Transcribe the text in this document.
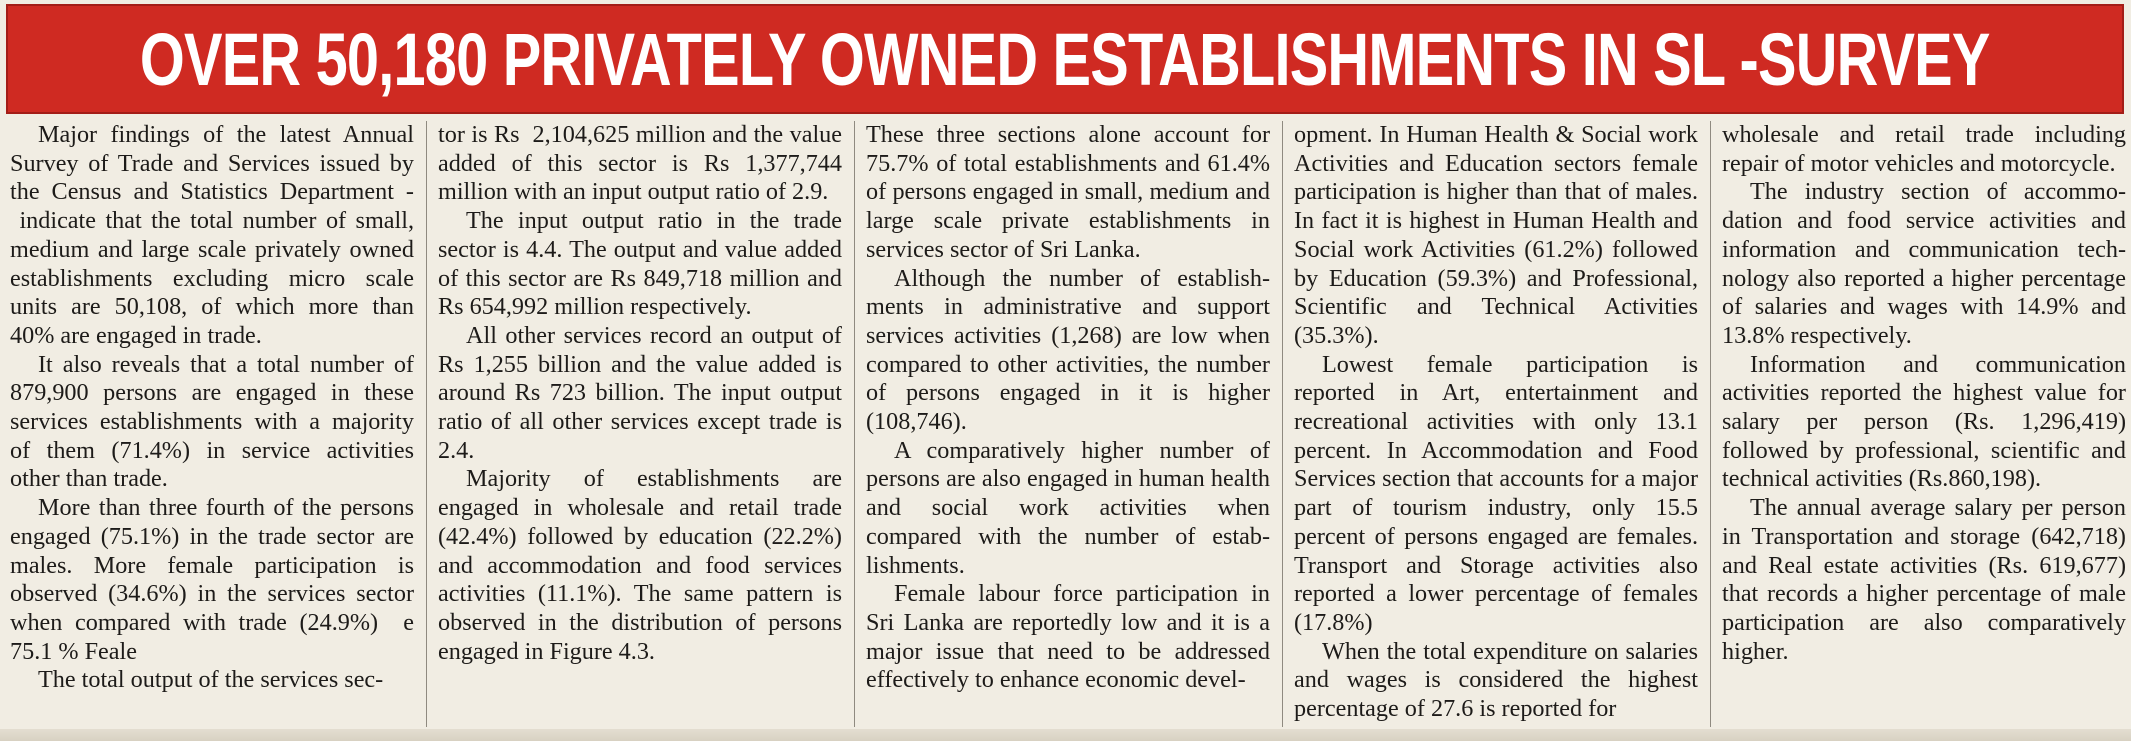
OVER 50,180 PRIVATELY OWNED ESTABLISHMENTS IN SL -SURVEY

Major findings of the latest Annual Survey of Trade and Services issued by the Census and Statistics Department -  indicate that the total number of small, medium and large scale privately owned establishments excluding micro scale units are 50,108, of which more than 40% are engaged in trade.

It also reveals that a total number of 879,900 persons are engaged in these services establishments with a majority of them (71.4%) in service activities other than trade.

More than three fourth of the persons engaged (75.1%) in the trade sector are males. More female participation is observed (34.6%) in the services sector when compared with trade (24.9%)  e 75.1 % Feale

The total output of the services sec-

tor is Rs  2,104,625 million and the value added of this sector is Rs 1,377,744 million with an input output ratio of 2.9.

The input output ratio in the trade sector is 4.4. The output and value added of this sector are Rs 849,718 million and Rs 654,992 million respectively.

All other services record an output of Rs 1,255 billion and the value added is around Rs 723 billion. The input output ratio of all other services except trade is 2.4.

Majority of establishments are engaged in wholesale and retail trade (42.4%) followed by education (22.2%) and accommodation and food services activities (11.1%). The same pattern is observed in the distribution of persons engaged in Figure 4.3.

These three sections alone account for 75.7% of total establishments and 61.4% of persons engaged in small, medium and large scale private establishments in services sector of Sri Lanka.

Although the number of establishments in administrative and support services activities (1,268) are low when compared to other activities, the number of persons engaged in it is higher (108,746).

A comparatively higher number of persons are also engaged in human health and social work activities when compared with the number of establishments.

Female labour force participation in Sri Lanka are reportedly low and it is a major issue that need to be addressed effectively to enhance economic devel-

opment. In Human Health & Social work Activities and Education sectors female participation is higher than that of males. In fact it is highest in Human Health and Social work Activities (61.2%) followed by Education (59.3%) and Professional, Scientific and Technical Activities (35.3%).

Lowest female participation is reported in Art, entertainment and recreational activities with only 13.1 percent. In Accommodation and Food Services section that accounts for a major part of tourism industry, only 15.5 percent of persons engaged are females. Transport and Storage activities also reported a lower percentage of females (17.8%)

When the total expenditure on salaries and wages is considered the highest percentage of 27.6 is reported for

wholesale and retail trade including repair of motor vehicles and motorcycle.

The industry section of accommodation and food service activities and information and communication technology also reported a higher percentage of salaries and wages with 14.9% and 13.8% respectively.

Information and communication activities reported the highest value for salary per person (Rs. 1,296,419) followed by professional, scientific and technical activities (Rs.860,198).

The annual average salary per person in Transportation and storage (642,718) and Real estate activities (Rs. 619,677) that records a higher percentage of male participation are also comparatively higher.
